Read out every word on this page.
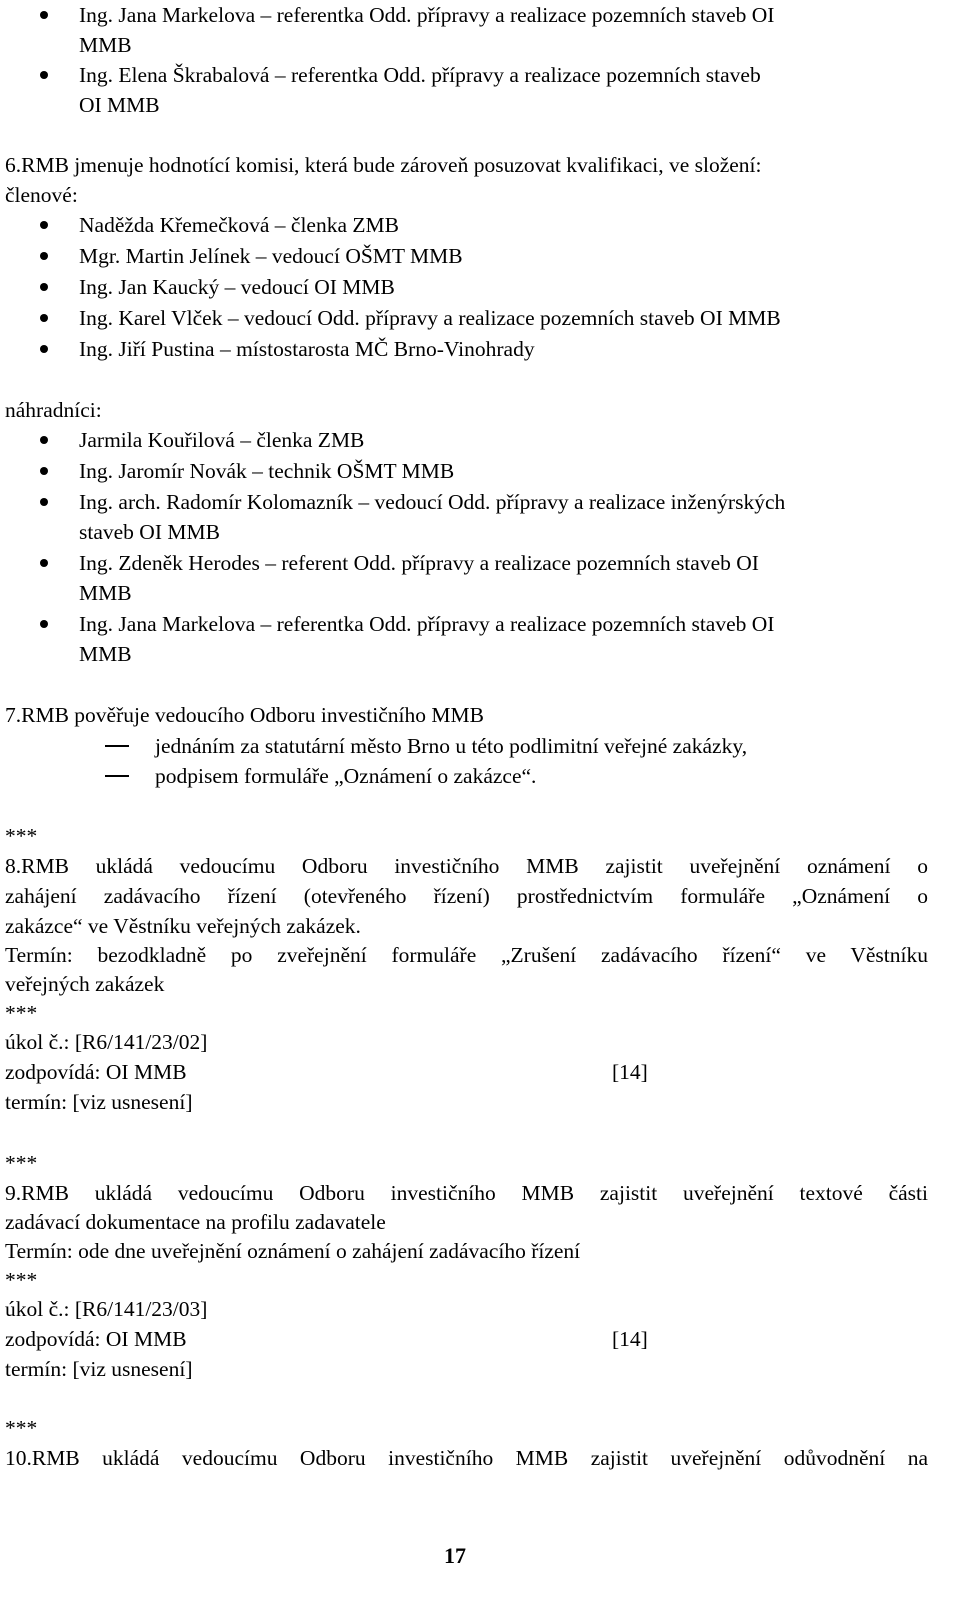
Ing. Jana Markelova – referentka Odd. přípravy a realizace pozemních staveb OI
MMB
Ing. Elena Škrabalová – referentka Odd. přípravy a realizace pozemních staveb
OI MMB
6.RMB jmenuje hodnotící komisi, která bude zároveň posuzovat kvalifikaci, ve složení:
členové:
Naděžda Křemečková – členka ZMB
Mgr. Martin Jelínek – vedoucí OŠMT MMB
Ing. Jan Kaucký – vedoucí OI MMB
Ing. Karel Vlček – vedoucí Odd. přípravy a realizace pozemních staveb OI MMB
Ing. Jiří Pustina – místostarosta MČ Brno-Vinohrady
náhradníci:
Jarmila Kouřilová – členka ZMB
Ing. Jaromír Novák – technik OŠMT MMB
Ing. arch. Radomír Kolomazník – vedoucí Odd. přípravy a realizace inženýrských
staveb OI MMB
Ing. Zdeněk Herodes – referent Odd. přípravy a realizace pozemních staveb OI
MMB
Ing. Jana Markelova – referentka Odd. přípravy a realizace pozemních staveb OI
MMB
7.RMB pověřuje vedoucího Odboru investičního MMB
jednáním za statutární město Brno u této podlimitní veřejné zakázky,
podpisem formuláře „Oznámení o zakázce“.
***
8.RMB ukládá vedoucímu Odboru investičního MMB zajistit uveřejnění oznámení o
zahájení zadávacího řízení (otevřeného řízení) prostřednictvím formuláře „Oznámení o
zakázce“ ve Věstníku veřejných zakázek.
Termín: bezodkladně po zveřejnění formuláře „Zrušení zadávacího řízení“ ve Věstníku
veřejných zakázek
***
úkol č.: [R6/141/23/02]
zodpovídá: OI MMB	[14]
termín: [viz usnesení]
***
9.RMB ukládá vedoucímu Odboru investičního MMB zajistit uveřejnění textové části
zadávací dokumentace na profilu zadavatele
Termín: ode dne uveřejnění oznámení o zahájení zadávacího řízení
***
úkol č.: [R6/141/23/03]
zodpovídá: OI MMB	[14]
termín: [viz usnesení]
***
10.RMB ukládá vedoucímu Odboru investičního MMB zajistit uveřejnění odůvodnění na
17
